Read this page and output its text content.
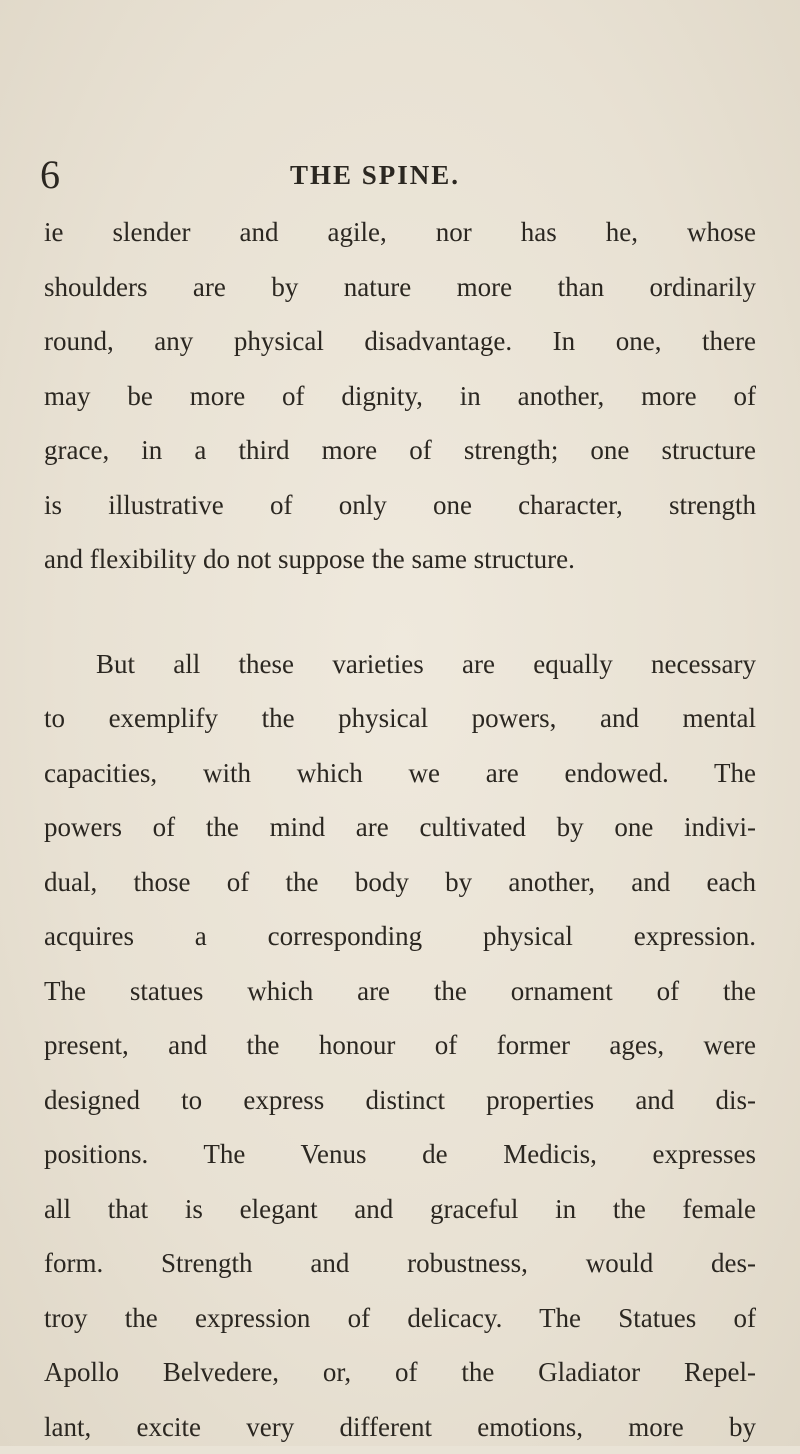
6	THE SPINE.
ie slender and agile, nor has he, whose
shoulders are by nature more than ordinarily
round, any physical disadvantage. In one, there
may be more of dignity, in another, more of
grace, in a third more of strength; one structure
is illustrative of only one character, strength
and flexibility do not suppose the same structure.
But all these varieties are equally necessary
to exemplify the physical powers, and mental
capacities, with which we are endowed. The
powers of the mind are cultivated by one indivi-
dual, those of the body by another, and each
acquires a corresponding physical expression.
The statues which are the ornament of the
present, and the honour of former ages, were
designed to express distinct properties and dis-
positions. The Venus de Medicis, expresses
all that is elegant and graceful in the female
form. Strength and robustness, would des-
troy the expression of delicacy. The Statues of
Apollo Belvedere, or, of the Gladiator Repel-
lant, excite very different emotions, more by
